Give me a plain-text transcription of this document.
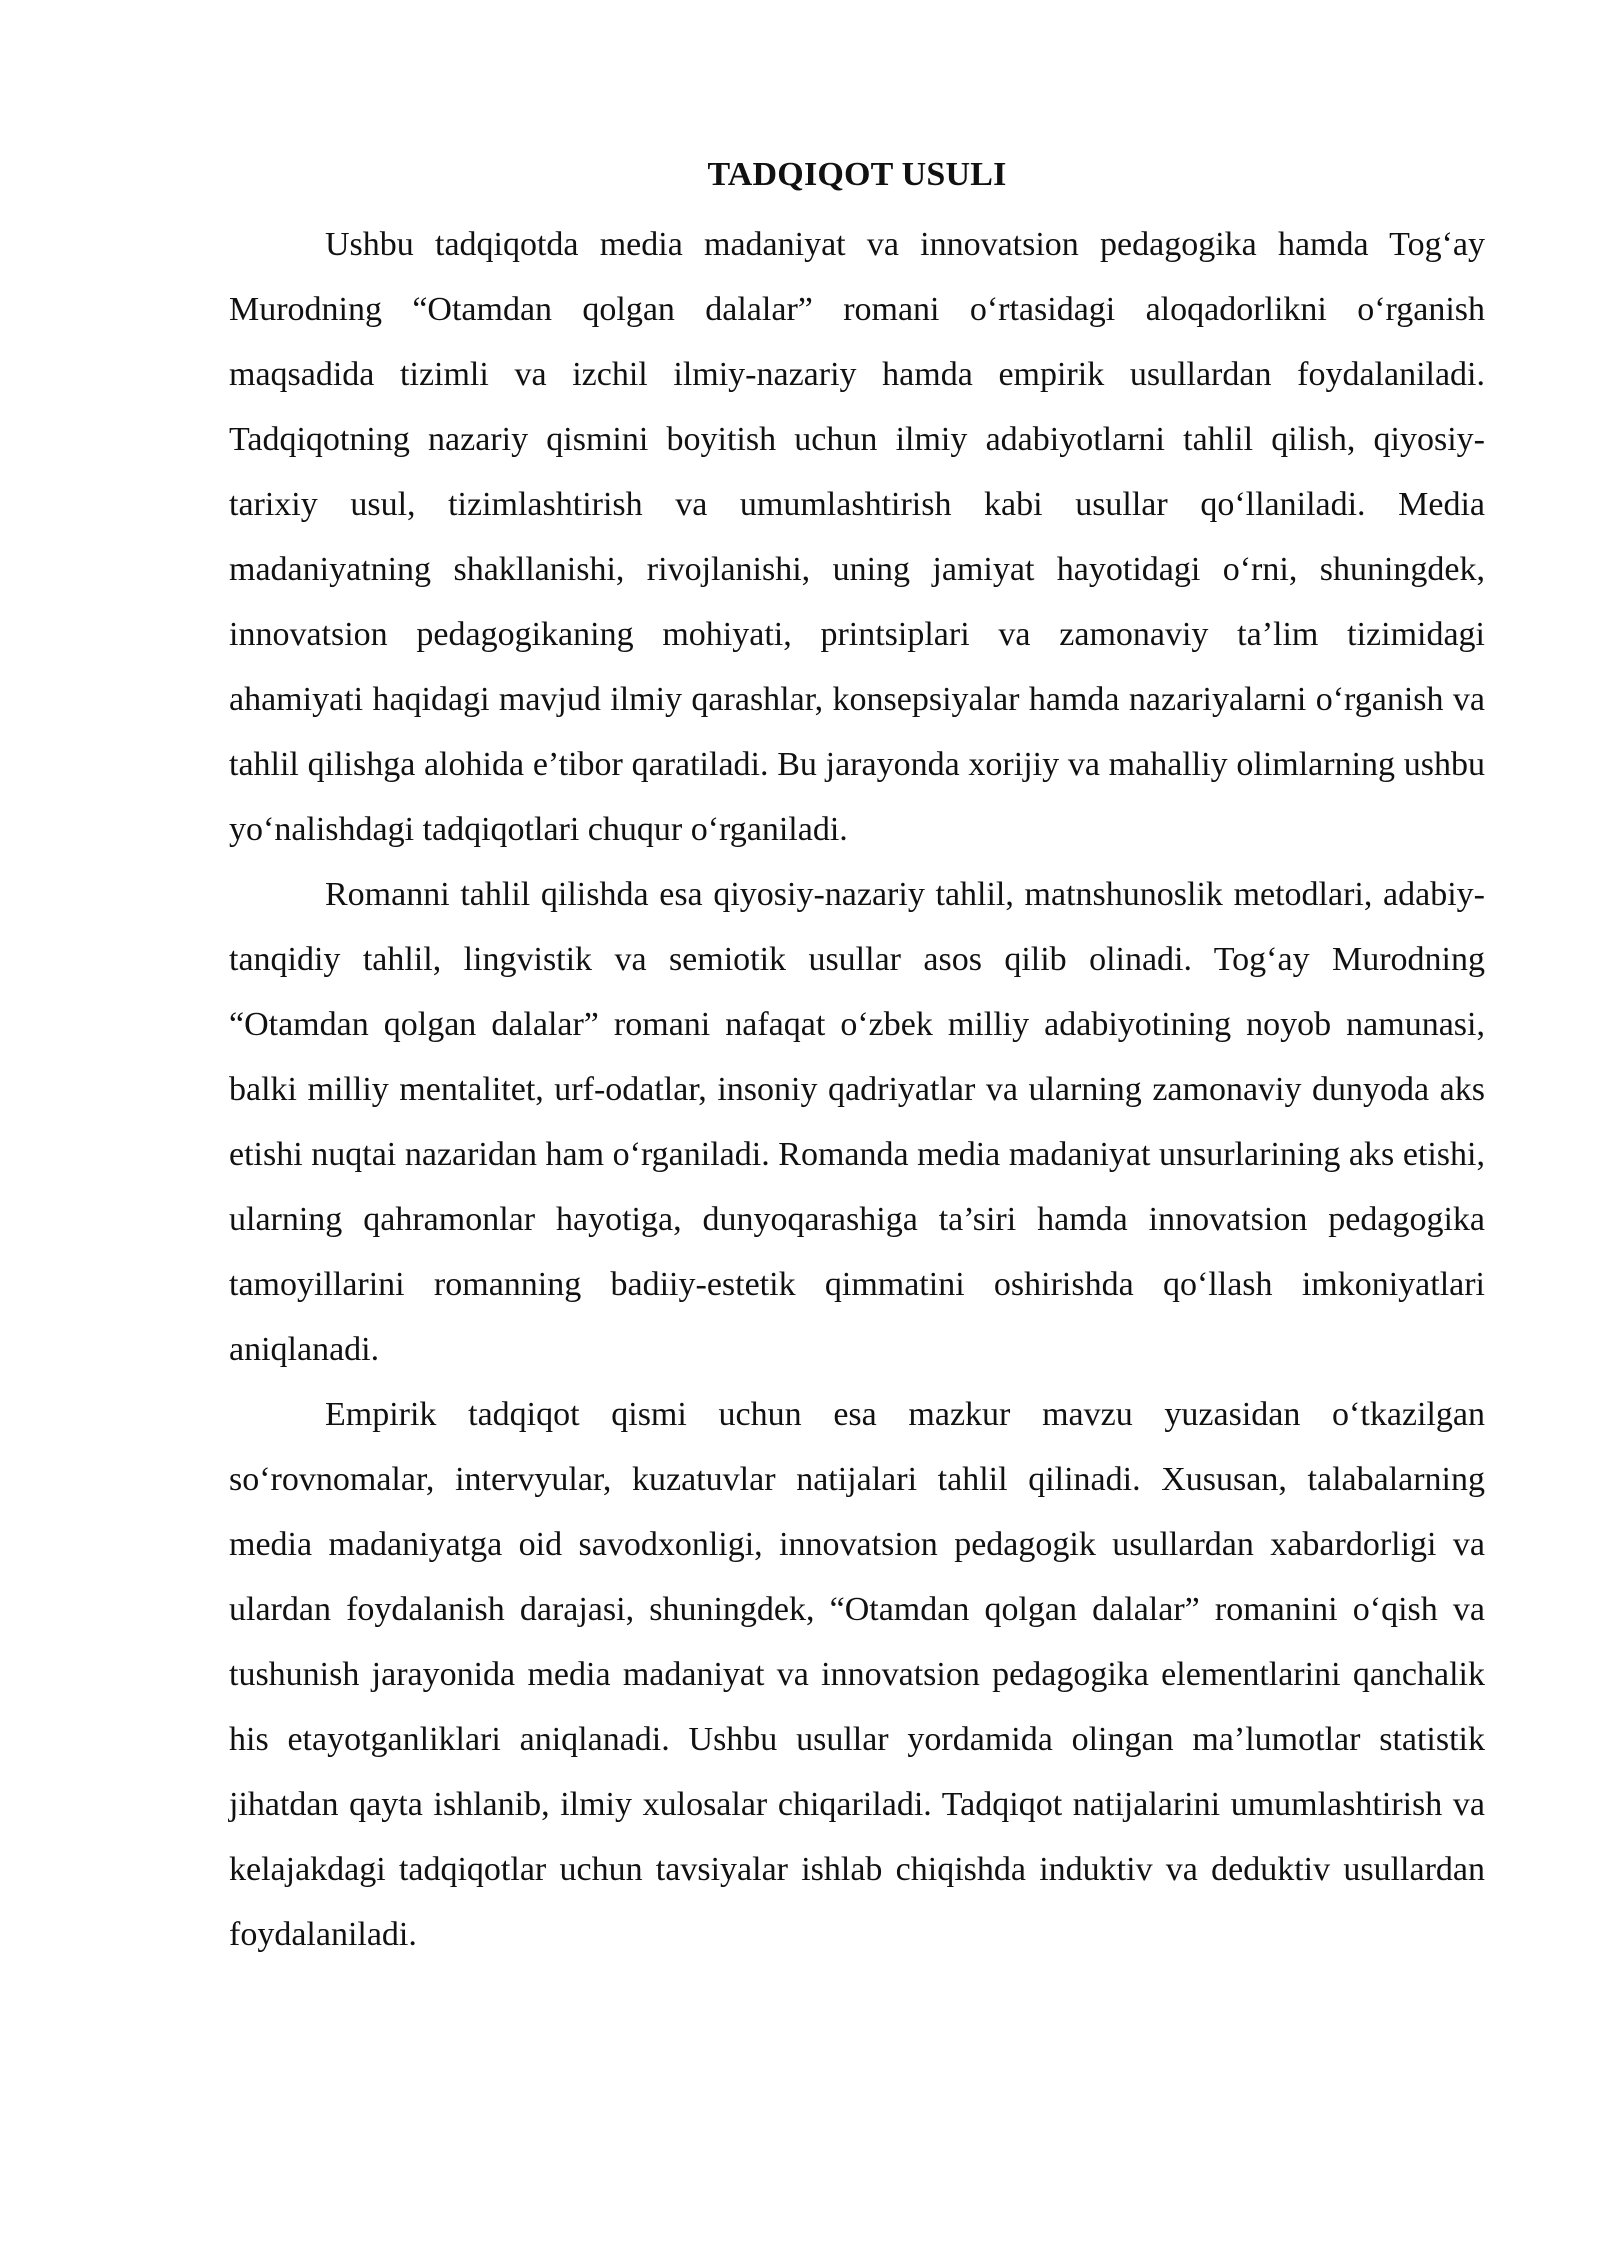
TADQIQOT USULI

Ushbu tadqiqotda media madaniyat va innovatsion pedagogika hamda Tog‘ay Murodning “Otamdan qolgan dalalar” romani o‘rtasidagi aloqadorlikni o‘rganish maqsadida tizimli va izchil ilmiy-nazariy hamda empirik usullardan foydalaniladi. Tadqiqotning nazariy qismini boyitish uchun ilmiy adabiyotlarni tahlil qilish, qiyosiy-tarixiy usul, tizimlashtirish va umumlashtirish kabi usullar qo‘llaniladi. Media madaniyatning shakllanishi, rivojlanishi, uning jamiyat hayotidagi o‘rni, shuningdek, innovatsion pedagogikaning mohiyati, printsiplari va zamonaviy ta’lim tizimidagi ahamiyati haqidagi mavjud ilmiy qarashlar, konsepsiyalar hamda nazariyalarni o‘rganish va tahlil qilishga alohida e’tibor qaratiladi. Bu jarayonda xorijiy va mahalliy olimlarning ushbu yo‘nalishdagi tadqiqotlari chuqur o‘rganiladi.

Romanni tahlil qilishda esa qiyosiy-nazariy tahlil, matnshunoslik metodlari, adabiy-tanqidiy tahlil, lingvistik va semiotik usullar asos qilib olinadi. Tog‘ay Murodning “Otamdan qolgan dalalar” romani nafaqat o‘zbek milliy adabiyotining noyob namunasi, balki milliy mentalitet, urf-odatlar, insoniy qadriyatlar va ularning zamonaviy dunyoda aks etishi nuqtai nazaridan ham o‘rganiladi. Romanda media madaniyat unsurlarining aks etishi, ularning qahramonlar hayotiga, dunyoqarashiga ta’siri hamda innovatsion pedagogika tamoyillarini romanning badiiy-estetik qimmatini oshirishda qo‘llash imkoniyatlari aniqlanadi.

Empirik tadqiqot qismi uchun esa mazkur mavzu yuzasidan o‘tkazilgan so‘rovnomalar, intervyular, kuzatuvlar natijalari tahlil qilinadi. Xususan, talabalarning media madaniyatga oid savodxonligi, innovatsion pedagogik usullardan xabardorligi va ulardan foydalanish darajasi, shuningdek, “Otamdan qolgan dalalar” romanini o‘qish va tushunish jarayonida media madaniyat va innovatsion pedagogika elementlarini qanchalik his etayotganliklari aniqlanadi. Ushbu usullar yordamida olingan ma’lumotlar statistik jihatdan qayta ishlanib, ilmiy xulosalar chiqariladi. Tadqiqot natijalarini umumlashtirish va kelajakdagi tadqiqotlar uchun tavsiyalar ishlab chiqishda induktiv va deduktiv usullardan foydalaniladi.
